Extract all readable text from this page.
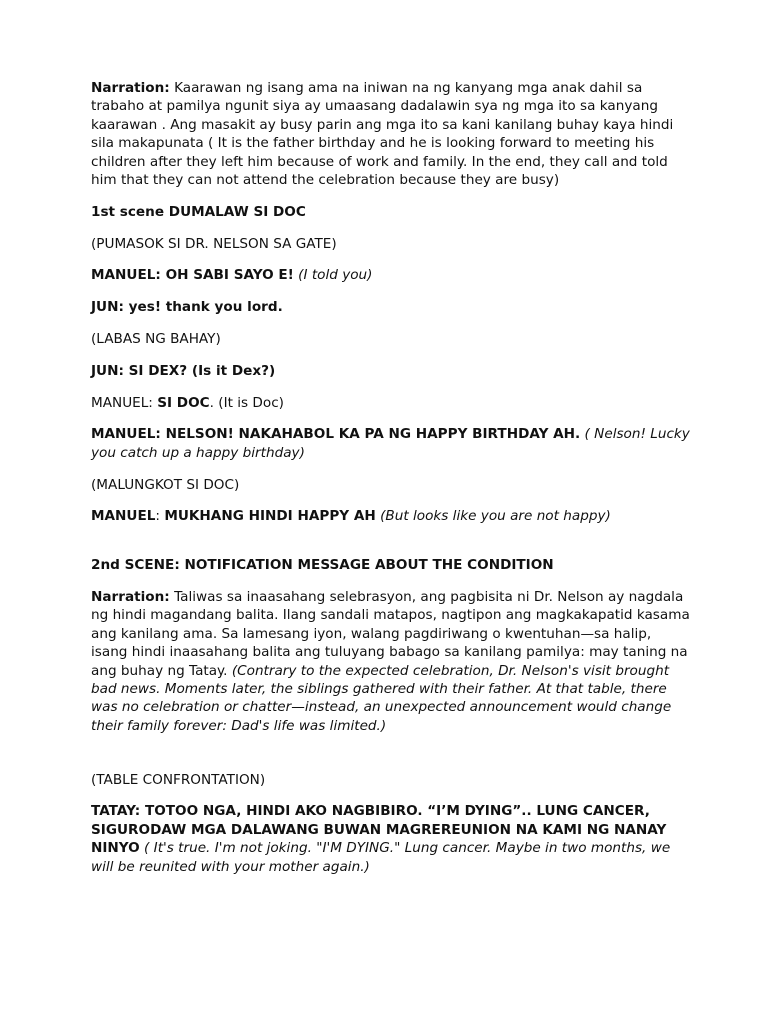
Narration: Kaarawan ng isang ama na iniwan na ng kanyang mga anak dahil sa trabaho at pamilya ngunit siya ay umaasang dadalawin sya ng mga ito sa kanyang kaarawan . Ang masakit ay busy parin ang mga ito sa kani kanilang buhay kaya hindi sila makapunata ( It is the father birthday and he is looking forward to meeting his children after they left him because of work and family. In the end, they call and told him that they can not attend the celebration because they are busy)

1st scene DUMALAW SI DOC

(PUMASOK SI DR. NELSON SA GATE)

MANUEL: OH SABI SAYO E! (I told you)

JUN: yes! thank you lord.

(LABAS NG BAHAY)

JUN: SI DEX? (Is it Dex?)

MANUEL: SI DOC. (It is Doc)

MANUEL: NELSON! NAKAHABOL KA PA NG HAPPY BIRTHDAY AH. ( Nelson! Lucky you catch up a happy birthday)

(MALUNGKOT SI DOC)

MANUEL: MUKHANG HINDI HAPPY AH (But looks like you are not happy)

2nd SCENE: NOTIFICATION MESSAGE ABOUT THE CONDITION

Narration: Taliwas sa inaasahang selebrasyon, ang pagbisita ni Dr. Nelson ay nagdala ng hindi magandang balita. Ilang sandali matapos, nagtipon ang magkakapatid kasama ang kanilang ama. Sa lamesang iyon, walang pagdiriwang o kwentuhan—sa halip, isang hindi inaasahang balita ang tuluyang babago sa kanilang pamilya: may taning na ang buhay ng Tatay. (Contrary to the expected celebration, Dr. Nelson's visit brought bad news. Moments later, the siblings gathered with their father. At that table, there was no celebration or chatter—instead, an unexpected announcement would change their family forever: Dad's life was limited.)

(TABLE CONFRONTATION)

TATAY: TOTOO NGA, HINDI AKO NAGBIBIRO. “I’M DYING”.. LUNG CANCER, SIGURODAW MGA DALAWANG BUWAN MAGREREUNION NA KAMI NG NANAY NINYO ( It's true. I'm not joking. "I'M DYING." Lung cancer. Maybe in two months, we will be reunited with your mother again.)
